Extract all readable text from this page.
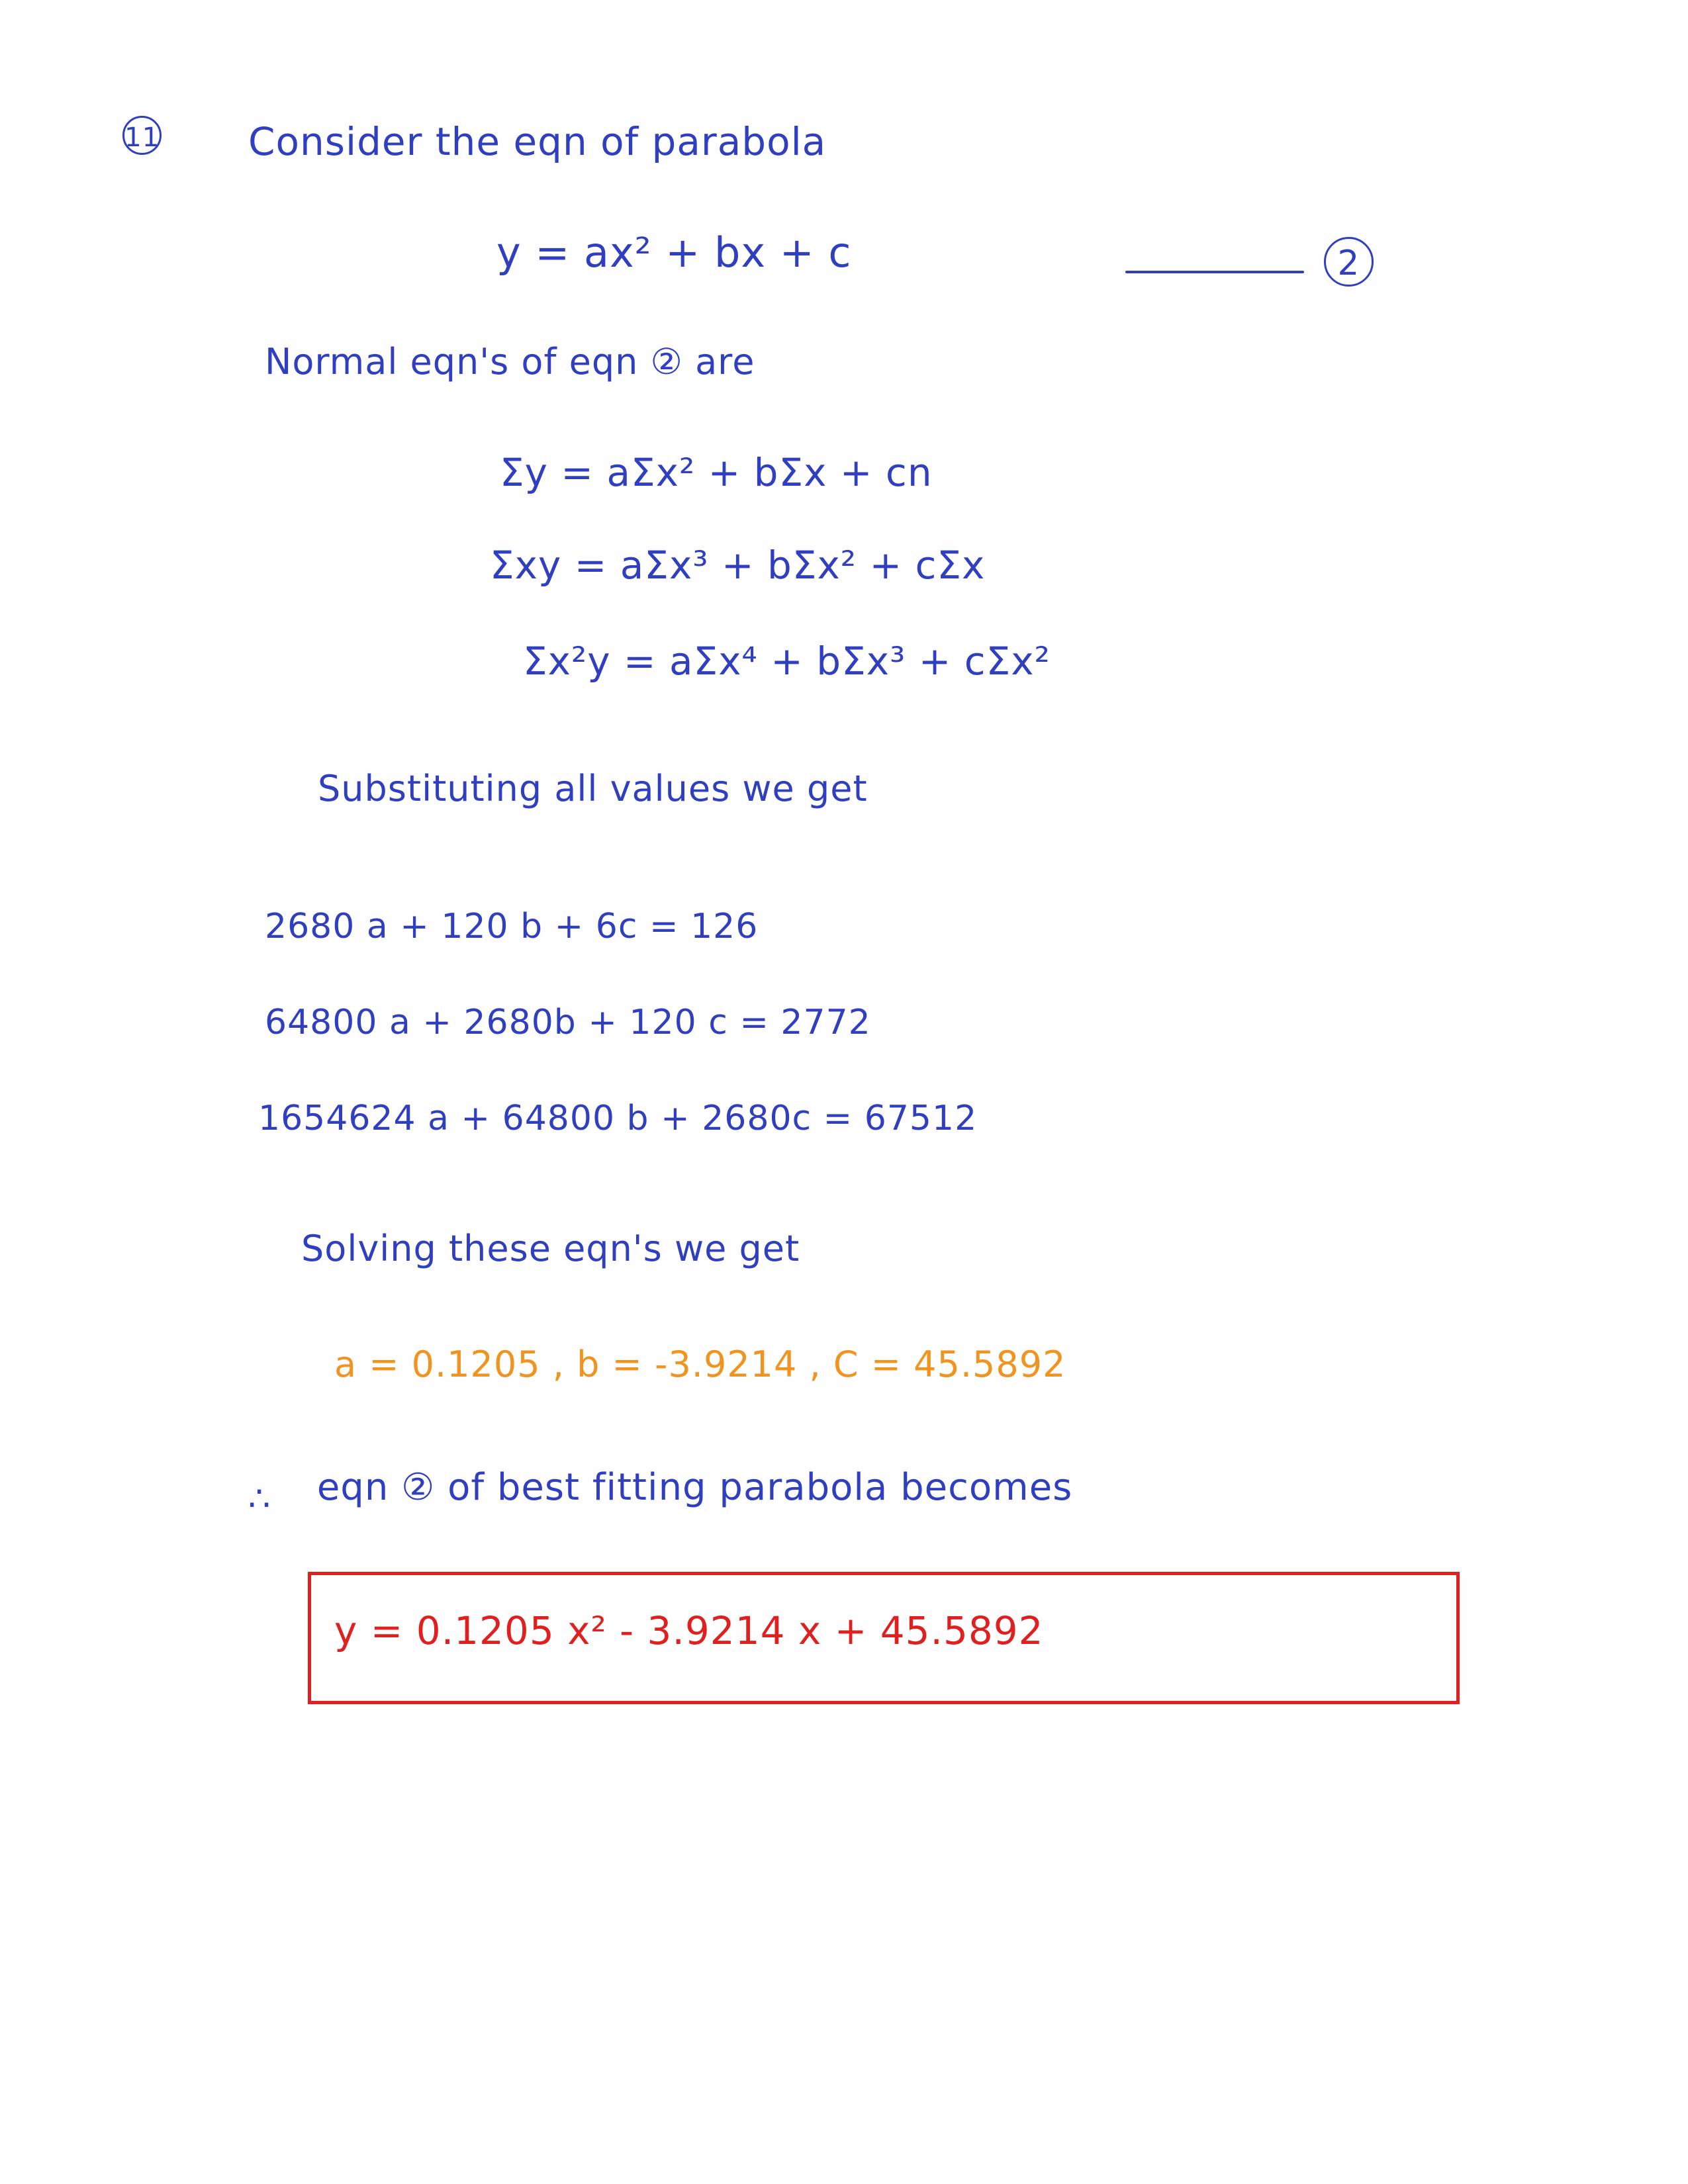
11 Consider the eqn of parabola
y = ax² + bx + c	2
Normal eqn's of eqn ② are
Σy = aΣx² + bΣx + cn
Σxy = aΣx³ + bΣx² + cΣx
Σx²y = aΣx⁴ + bΣx³ + cΣx²
Substituting all values we get
2680 a + 120 b + 6c = 126
64800 a + 2680b + 120 c = 2772
1654624 a + 64800 b + 2680c = 67512
Solving these eqn's we get
a = 0.1205 , b = -3.9214 , C = 45.5892
∴	eqn ② of best fitting parabola becomes
y = 0.1205 x² - 3.9214 x + 45.5892
